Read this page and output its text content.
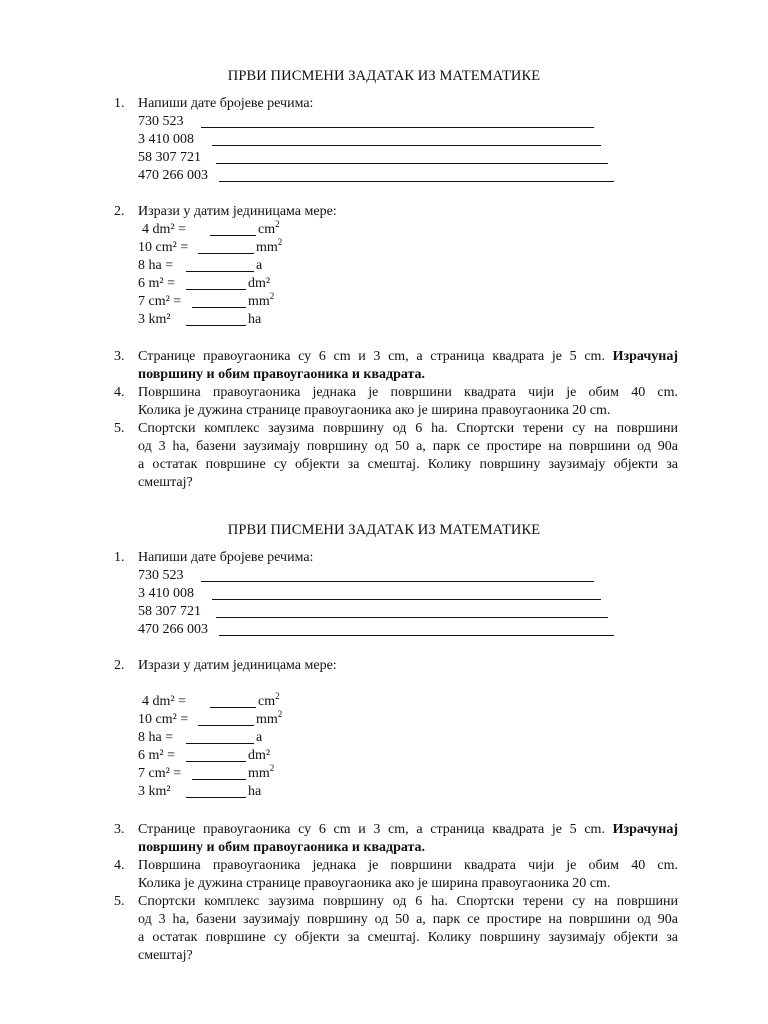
ПРВИ ПИСМЕНИ ЗАДАТАК ИЗ МАТЕМАТИКЕ
1. Напиши дате бројеве речима:
730 523
3 410 008
58 307 721
470 266 003
2. Изрази у датим јединицама мере:
4 dm² =	$cm^2$
10 cm² =	$mm^2$
8 ha =	a
6 m² =	dm²
7 cm² =	$mm^2$
3 km²	ha
3. Странице правоугаоника су 6 cm и 3 cm, а страница квадрата је 5 cm. Израчунај
површину и обим правоугаоника и квадрата.
4. Површина правоугаоника једнака је површини квадрата чији је обим 40 cm.
Колика је дужина странице правоугаоника ако је ширина правоугаоника 20 cm.
5. Спортски комплекс заузима површину од 6 ha. Спортски терени су на површини
од 3 ha, базени заузимају површину од 50 a, парк се простире на површини од 90a
а остатак површине су објекти за смештај. Колику површину заузимају објекти за
смештај?
ПРВИ ПИСМЕНИ ЗАДАТАК ИЗ МАТЕМАТИКЕ
1. Напиши дате бројеве речима:
730 523
3 410 008
58 307 721
470 266 003
2. Изрази у датим јединицама мере:
4 dm² =	$cm^2$
10 cm² =	$mm^2$
8 ha =	a
6 m² =	dm²
7 cm² =	$mm^2$
3 km²	ha
3. Странице правоугаоника су 6 cm и 3 cm, а страница квадрата је 5 cm. Израчунај
површину и обим правоугаоника и квадрата.
4. Површина правоугаоника једнака је површини квадрата чији је обим 40 cm.
Колика је дужина странице правоугаоника ако је ширина правоугаоника 20 cm.
5. Спортски комплекс заузима површину од 6 ha. Спортски терени су на површини
од 3 ha, базени заузимају површину од 50 a, парк се простире на површини од 90a
а остатак површине су објекти за смештај. Колику површину заузимају објекти за
смештај?
